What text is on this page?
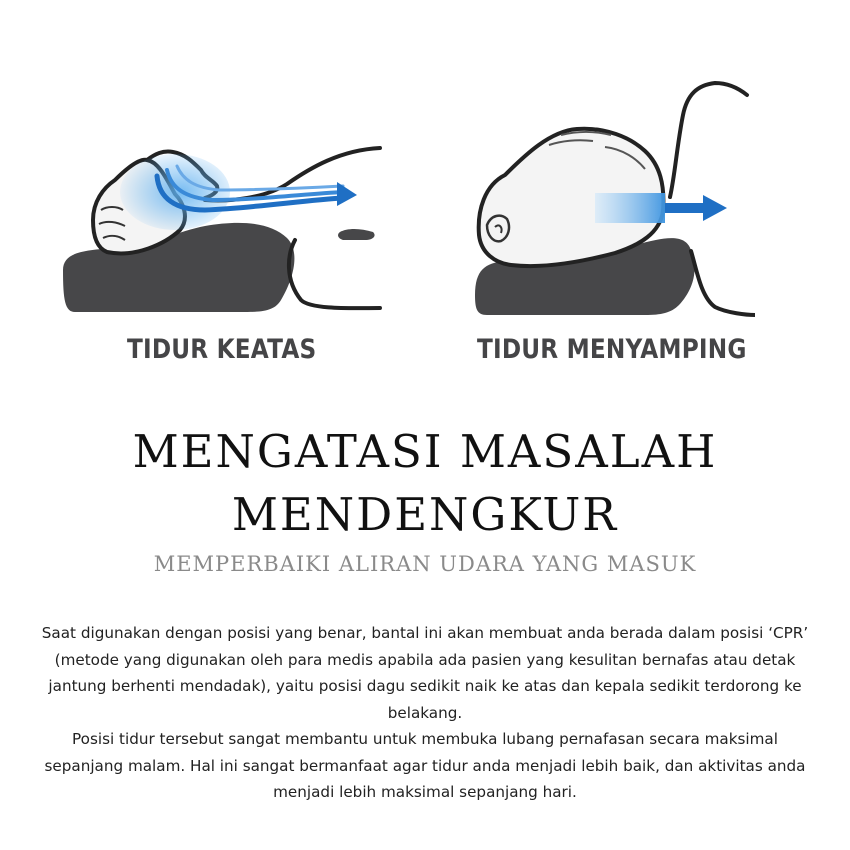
TIDUR KEATAS	TIDUR MENYAMPING
MENGATASI MASALAH
MENDENGKUR
MEMPERBAIKI ALIRAN UDARA YANG MASUK

Saat digunakan dengan posisi yang benar, bantal ini akan membuat anda berada dalam posisi ‘CPR’ (metode yang digunakan oleh para medis apabila ada pasien yang kesulitan bernafas atau detak jantung berhenti mendadak), yaitu posisi dagu sedikit naik ke atas dan kepala sedikit terdorong ke belakang.

Posisi tidur tersebut sangat membantu untuk membuka lubang pernafasan secara maksimal sepanjang malam. Hal ini sangat bermanfaat agar tidur anda menjadi lebih baik, dan aktivitas anda menjadi lebih maksimal sepanjang hari.
